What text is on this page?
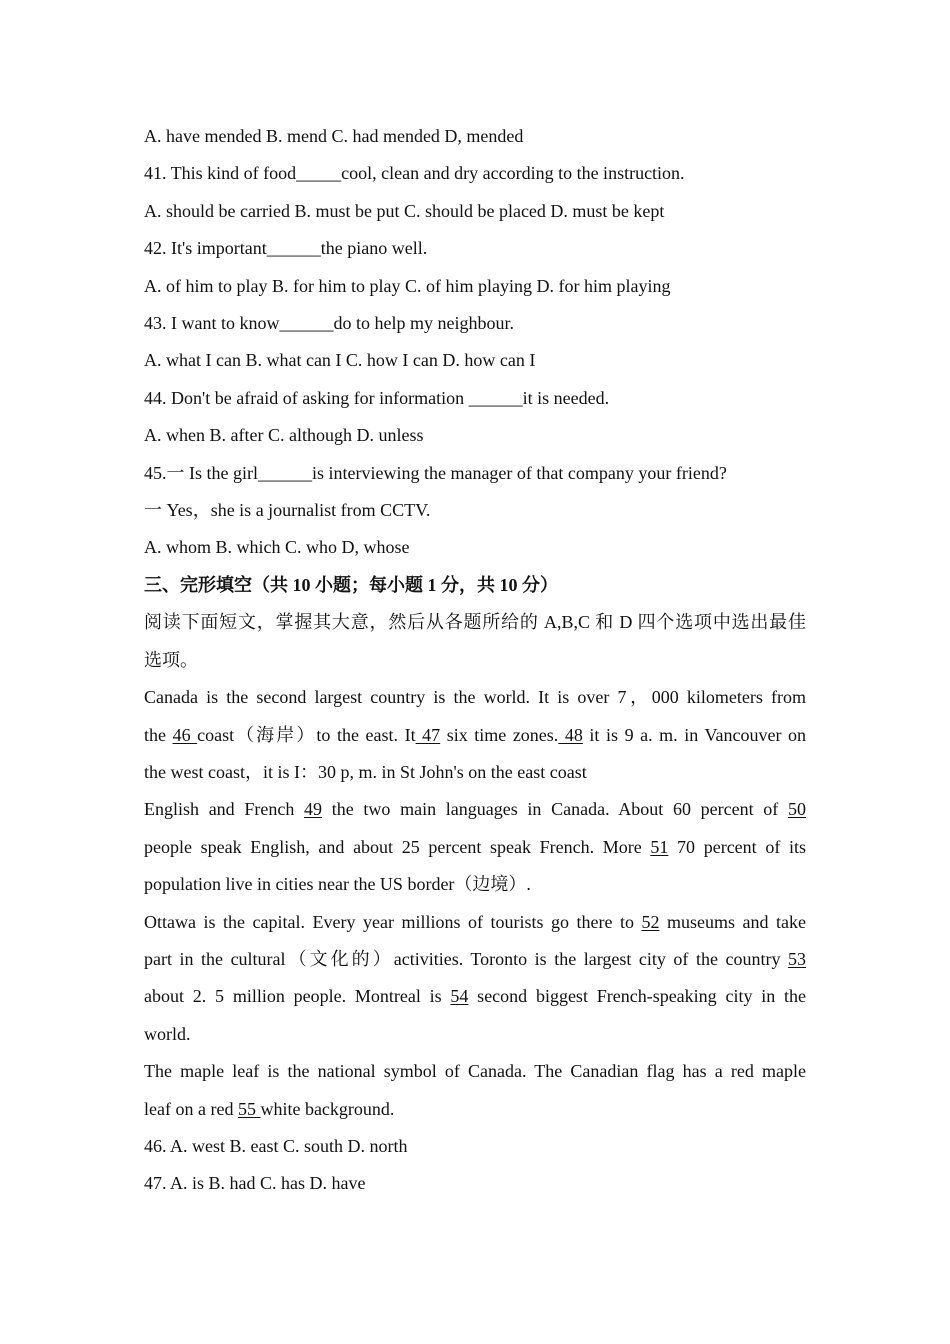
A. have mended B. mend C. had mended D, mended

41. This kind of food_____cool, clean and dry according to the instruction.

A. should be carried B. must be put C. should be placed D. must be kept

42. It's important______the piano well.

A. of him to play B. for him to play C. of him playing D. for him playing

43. I want to know______do to help my neighbour.

A. what I can B. what can I C. how I can D. how can I

44. Don't be afraid of asking for information ______it is needed.

A. when B. after C. although D. unless

45.一 Is the girl______is interviewing the manager of that company your friend?

一 Yes，she is a journalist from CCTV.

A. whom B. which C. who D, whose

三、完形填空（共 10 小题；每小题 1 分，共 10 分）

阅读下面短文，掌握其大意，然后从各题所给的 A,B,C 和 D 四个选项中选出最佳

选项。

Canada is the second largest country is the world. It is over 7，000 kilometers from

the 46 coast（海岸）to the east. It 47 six time zones. 48 it is 9 a. m. in Vancouver on

the west coast，it is I：30 p, m. in St John's on the east coast

English and French 49 the two main languages in Canada. About 60 percent of 50

people speak English, and about 25 percent speak French. More 51 70 percent of its

population live in cities near the US border（边境）.

Ottawa is the capital. Every year millions of tourists go there to 52 museums and take

part in the cultural（文化的）activities. Toronto is the largest city of the country 53

about 2. 5 million people. Montreal is 54 second biggest French-speaking city in the

world.

The maple leaf is the national symbol of Canada. The Canadian flag has a red maple

leaf on a red 55 white background.

46. A. west B. east C. south D. north

47. A. is B. had C. has D. have
